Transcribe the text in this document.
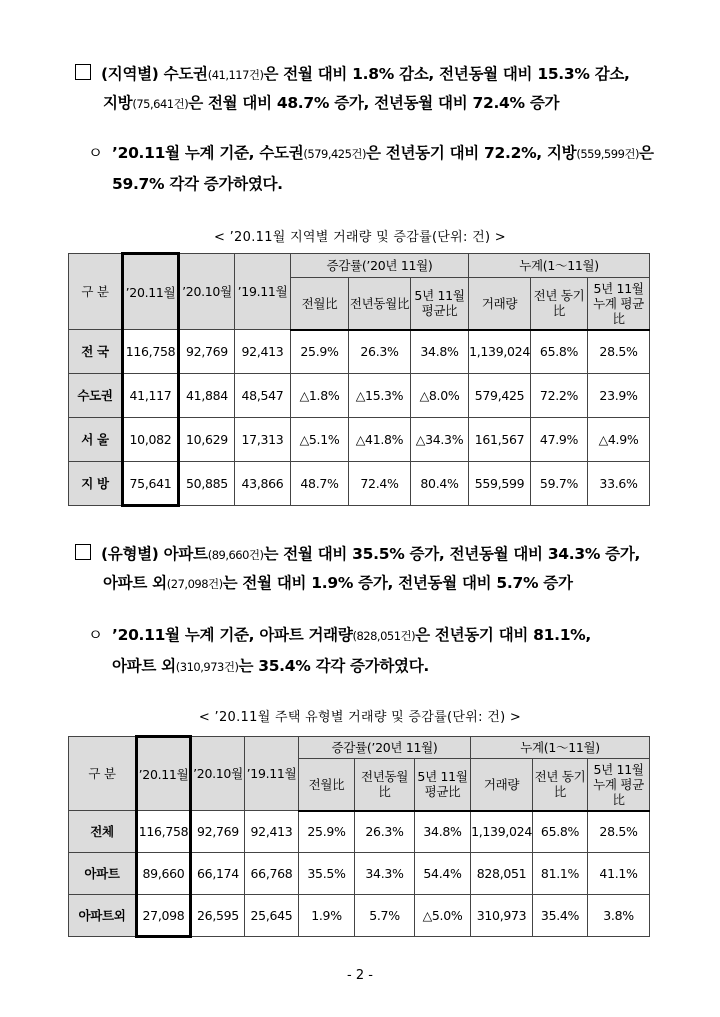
(지역별) 수도권(41,117건)은 전월 대비 1.8% 감소, 전년동월 대비 15.3% 감소,
지방(75,641건)은 전월 대비 48.7% 증가, 전년동월 대비 72.4% 증가
ㅇ ’20.11월 누계 기준, 수도권(579,425건)은 전년동기 대비 72.2%, 지방(559,599건)은
59.7% 각각 증가하였다.
< ’20.11월 지역별 거래량 및 증감률(단위: 건) >
구 분	’20.11월	’20.10월	’19.11월	증감률(’20년 11월)			누계(1～11월)		
				전월比	전년동월比	5년 11월 평균比	거래량	전년 동기比	5년 11월누계 평균比
전 국	116,758	92,769	92,413	25.9%	26.3%	34.8%	1,139,024	65.8%	28.5%
수도권	41,117	41,884	48,547	△1.8%	△15.3%	△8.0%	579,425	72.2%	23.9%
서 울	10,082	10,629	17,313	△5.1%	△41.8%	△34.3%	161,567	47.9%	△4.9%
지 방	75,641	50,885	43,866	48.7%	72.4%	80.4%	559,599	59.7%	33.6%
(유형별) 아파트(89,660건)는 전월 대비 35.5% 증가, 전년동월 대비 34.3% 증가,
아파트 외(27,098건)는 전월 대비 1.9% 증가, 전년동월 대비 5.7% 증가
ㅇ ’20.11월 누계 기준, 아파트 거래량(828,051건)은 전년동기 대비 81.1%,
아파트 외(310,973건)는 35.4% 각각 증가하였다.
< ’20.11월 주택 유형별 거래량 및 증감률(단위: 건) >
구 분	’20.11월	’20.10월	’19.11월	증감률(’20년 11월)			누계(1～11월)		
				전월比	전년동월比	5년 11월 평균比	거래량	전년 동기比	5년 11월누계 평균比
전체	116,758	92,769	92,413	25.9%	26.3%	34.8%	1,139,024	65.8%	28.5%
아파트	89,660	66,174	66,768	35.5%	34.3%	54.4%	828,051	81.1%	41.1%
아파트외	27,098	26,595	25,645	1.9%	5.7%	△5.0%	310,973	35.4%	3.8%
- 2 -
